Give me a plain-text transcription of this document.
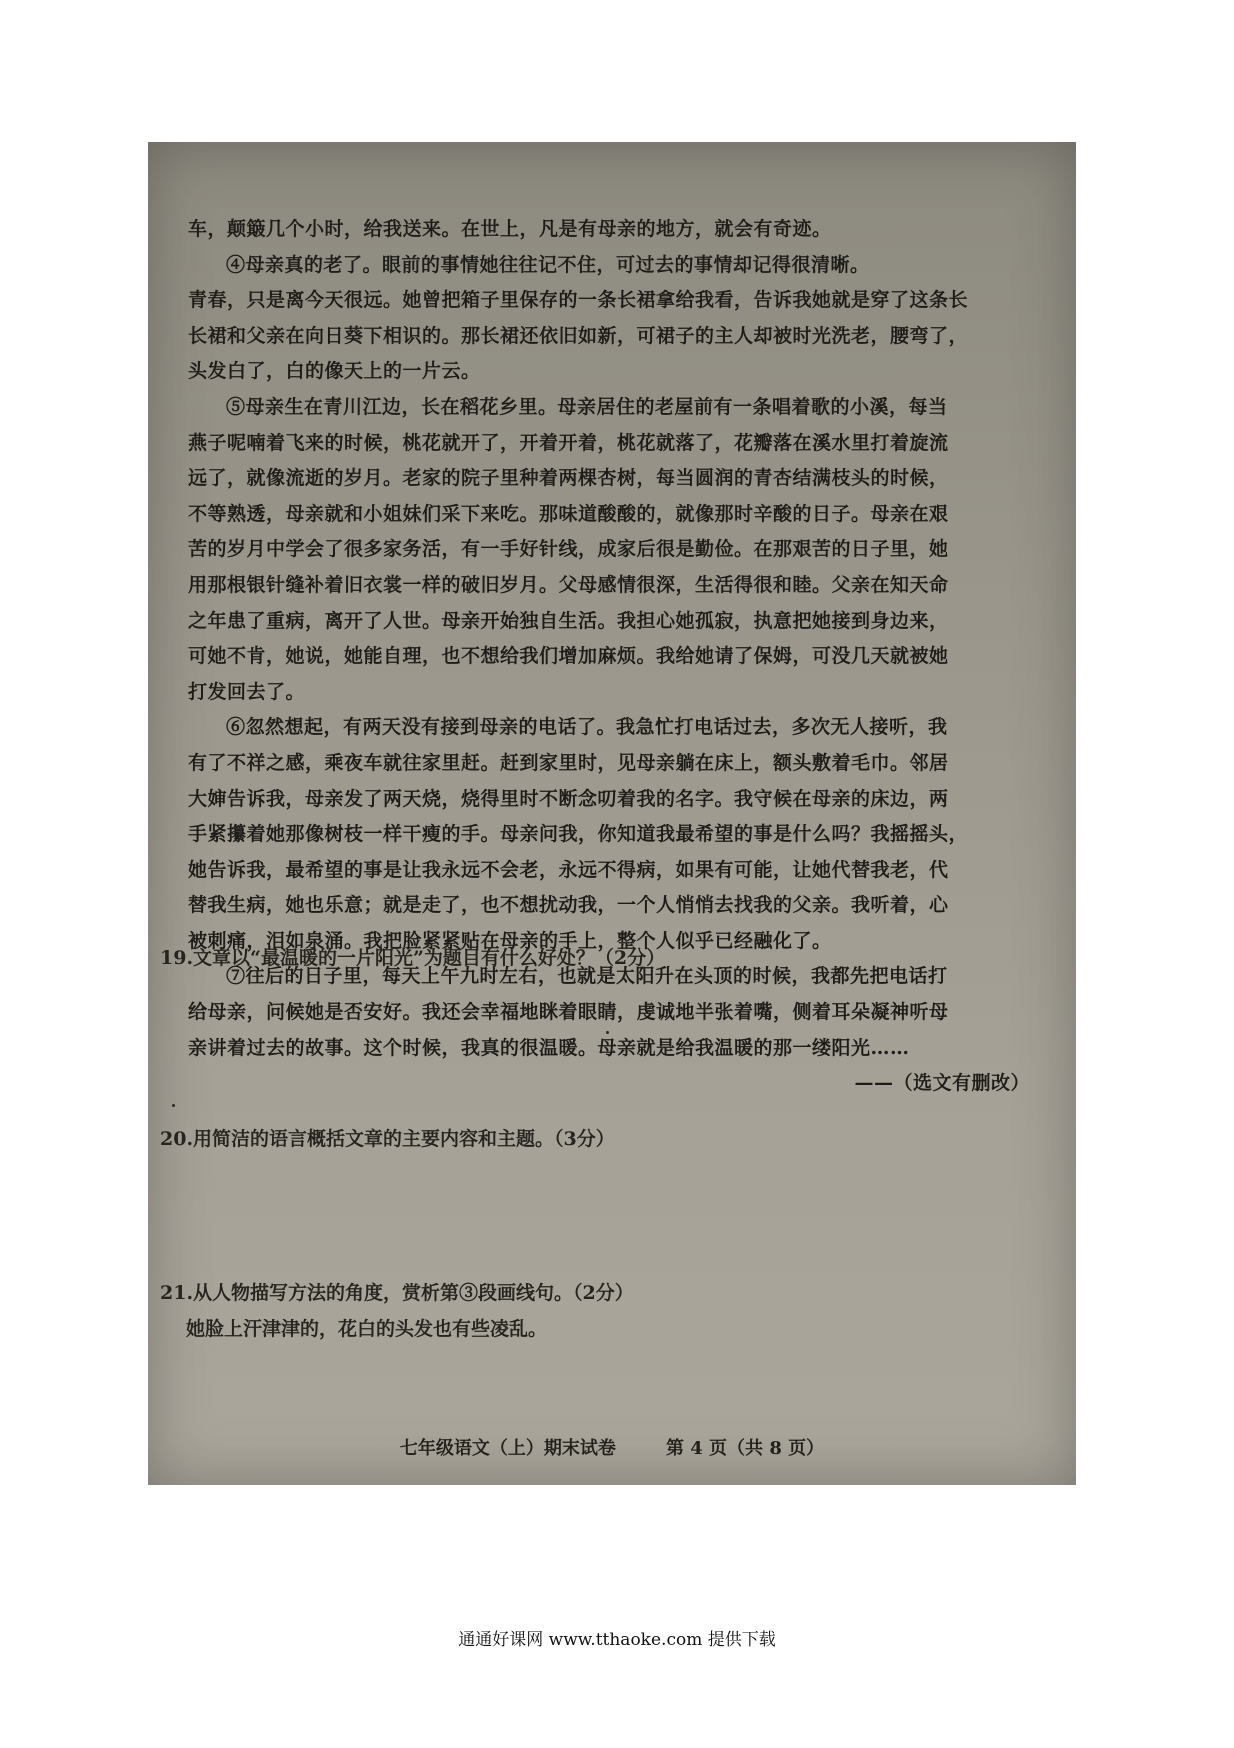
车，颠簸几个小时，给我送来。在世上，凡是有母亲的地方，就会有奇迹。

④母亲真的老了。眼前的事情她往往记不住，可过去的事情却记得很清晰。

青春，只是离今天很远。她曾把箱子里保存的一条长裙拿给我看，告诉我她就是穿了这条长

长裙和父亲在向日葵下相识的。那长裙还依旧如新，可裙子的主人却被时光洗老，腰弯了，

头发白了，白的像天上的一片云。

⑤母亲生在青川江边，长在稻花乡里。母亲居住的老屋前有一条唱着歌的小溪，每当

燕子呢喃着飞来的时候，桃花就开了，开着开着，桃花就落了，花瓣落在溪水里打着旋流

远了，就像流逝的岁月。老家的院子里种着两棵杏树，每当圆润的青杏结满枝头的时候，

不等熟透，母亲就和小姐妹们采下来吃。那味道酸酸的，就像那时辛酸的日子。母亲在艰

苦的岁月中学会了很多家务活，有一手好针线，成家后很是勤俭。在那艰苦的日子里，她

用那根银针缝补着旧衣裳一样的破旧岁月。父母感情很深，生活得很和睦。父亲在知天命

之年患了重病，离开了人世。母亲开始独自生活。我担心她孤寂，执意把她接到身边来，

可她不肯，她说，她能自理，也不想给我们增加麻烦。我给她请了保姆，可没几天就被她

打发回去了。

⑥忽然想起，有两天没有接到母亲的电话了。我急忙打电话过去，多次无人接听，我

有了不祥之感，乘夜车就往家里赶。赶到家里时，见母亲躺在床上，额头敷着毛巾。邻居

大婶告诉我，母亲发了两天烧，烧得里时不断念叨着我的名字。我守候在母亲的床边，两

手紧攥着她那像树枝一样干瘦的手。母亲问我，你知道我最希望的事是什么吗？我摇摇头，

她告诉我，最希望的事是让我永远不会老，永远不得病，如果有可能，让她代替我老，代

替我生病，她也乐意；就是走了，也不想扰动我，一个人悄悄去找我的父亲。我听着，心

被刺痛，泪如泉涌。我把脸紧紧贴在母亲的手上，整个人似乎已经融化了。

⑦往后的日子里，每天上午九时左右，也就是太阳升在头顶的时候，我都先把电话打

给母亲，问候她是否安好。我还会幸福地眯着眼睛，虔诚地半张着嘴，侧着耳朵凝神听母

亲讲着过去的故事。这个时候，我真的很温暖。母亲就是给我温暖的那一缕阳光……

——（选文有删改）

19.文章以“最温暖的一片阳光”为题目有什么好处？（2分）
20.用简洁的语言概括文章的主要内容和主题。（3分）
21.从人物描写方法的角度，赏析第③段画线句。（2分）
她脸上汗津津的，花白的头发也有些凌乱。
七年级语文（上）期末试卷	第 4 页（共 8 页）
通通好课网 www.tthaoke.com 提供下载
